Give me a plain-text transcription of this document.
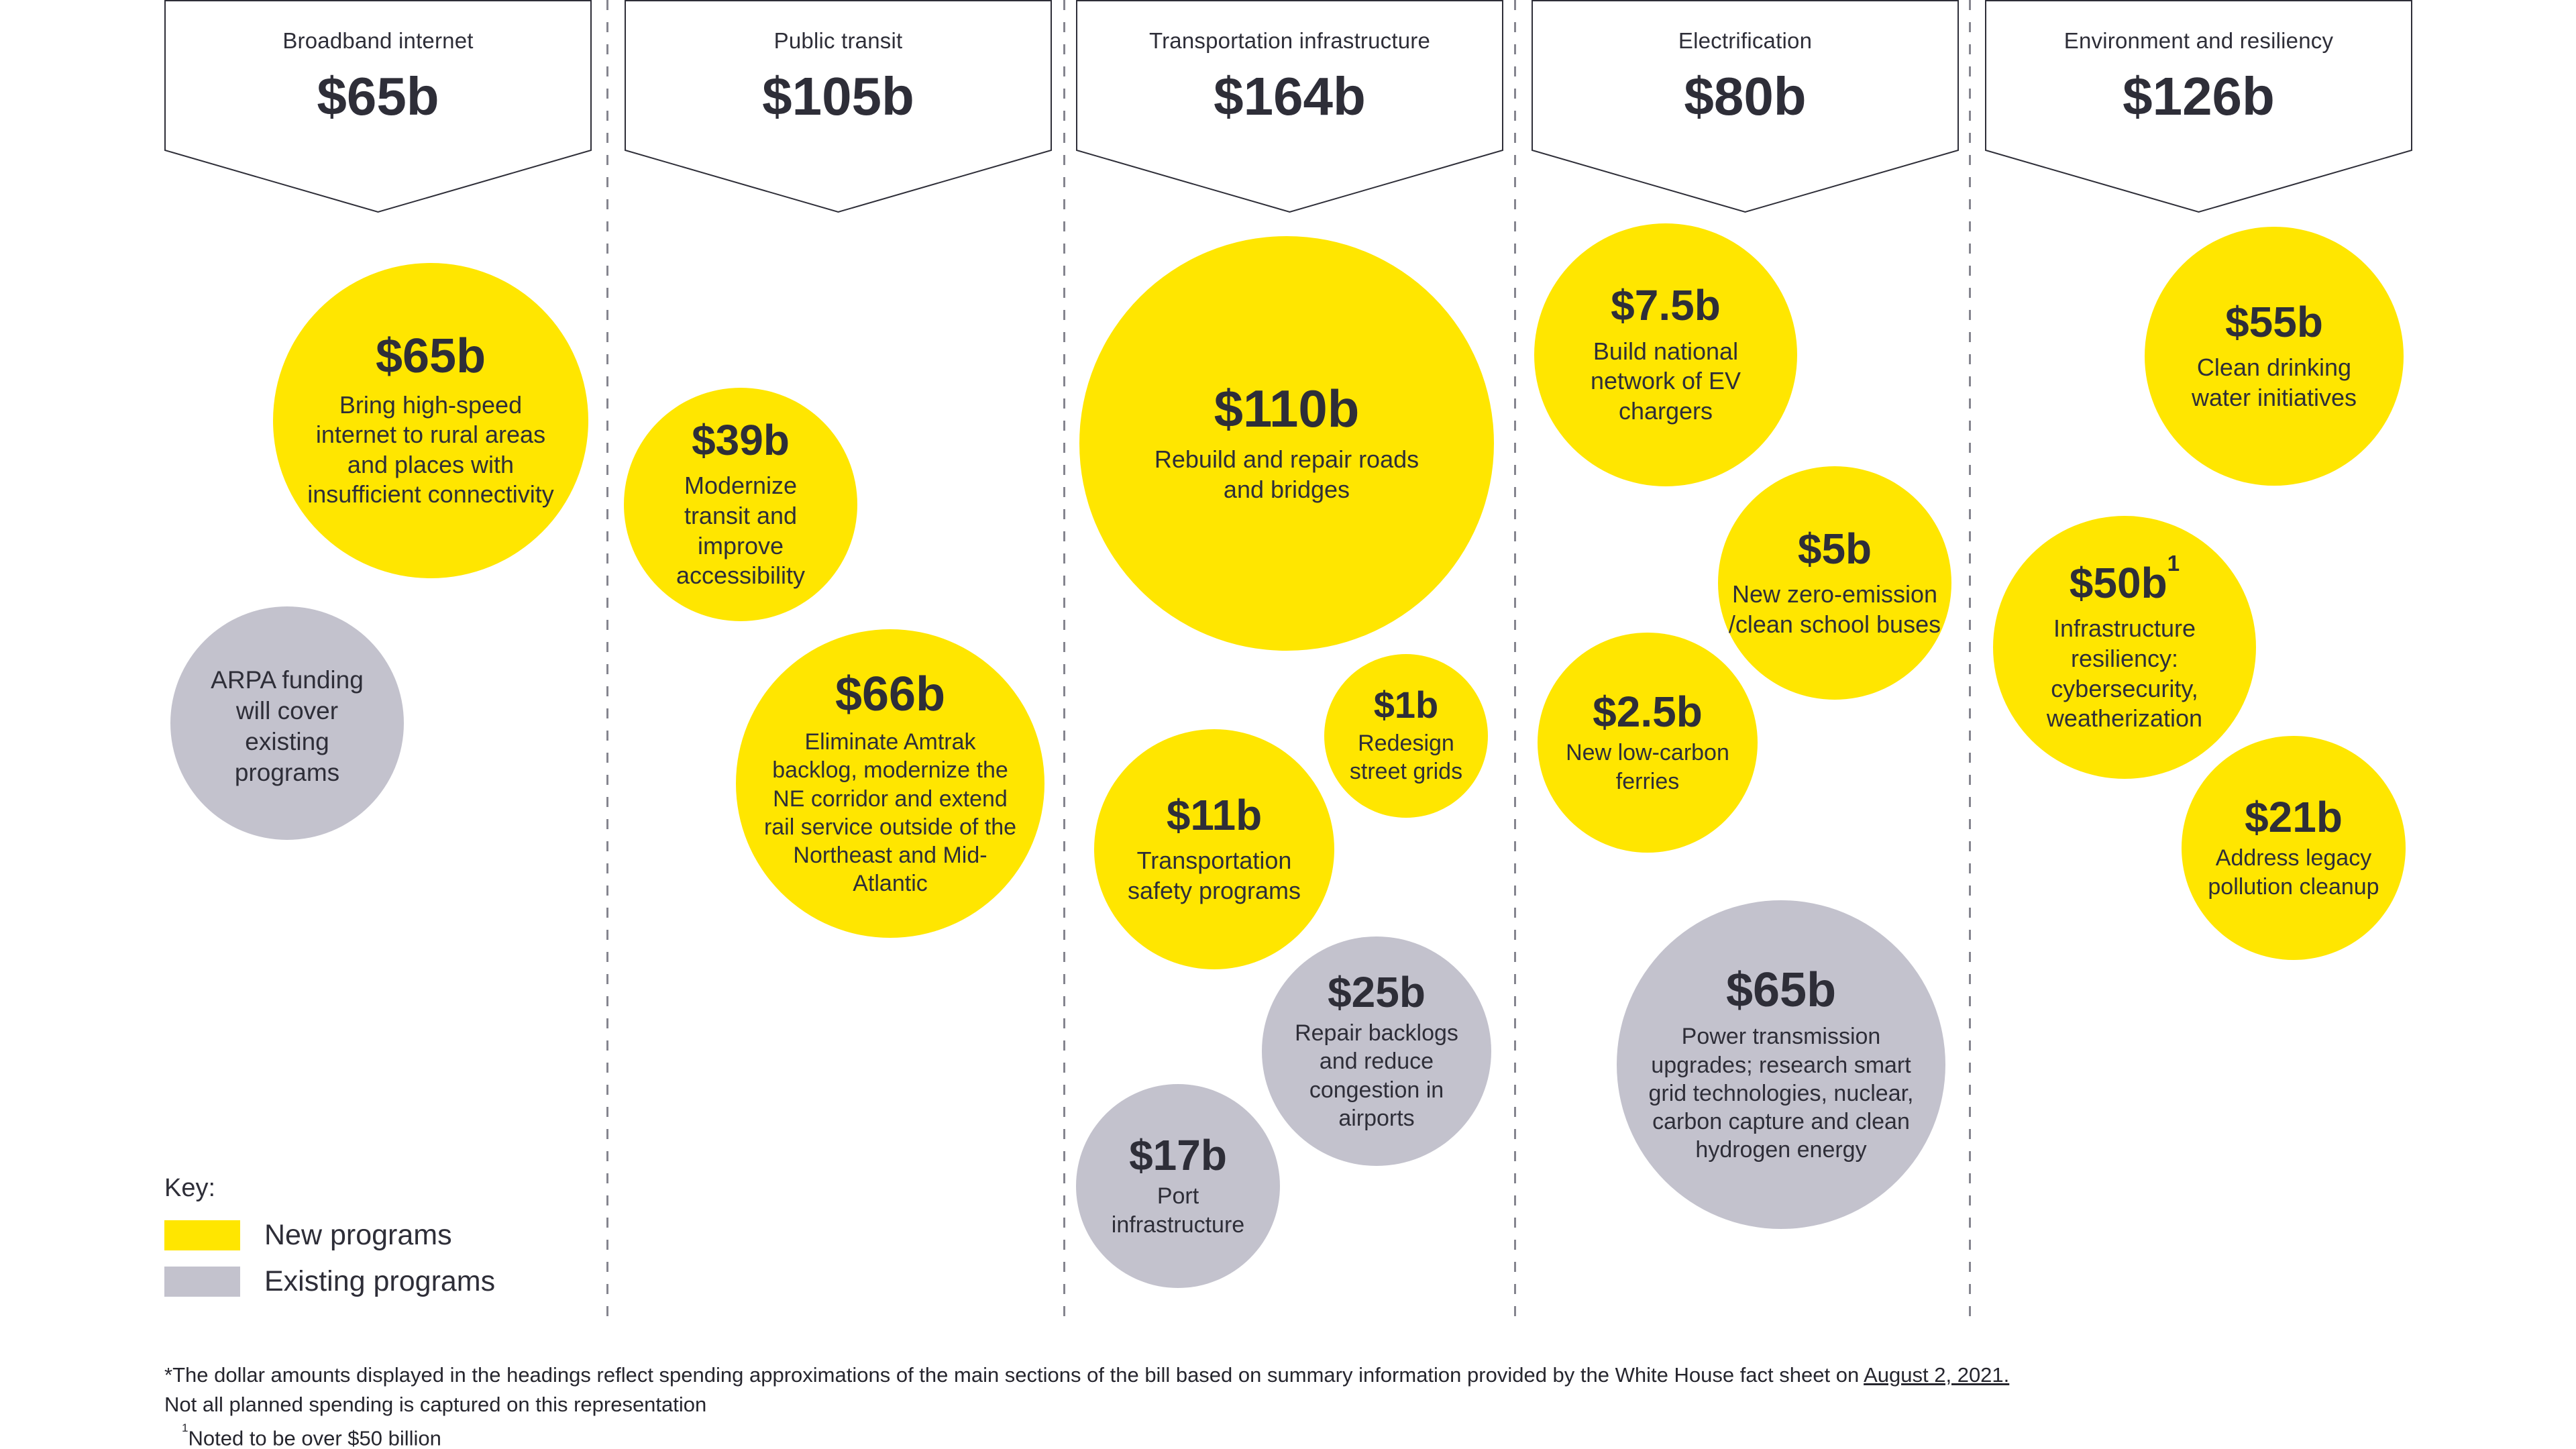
Broadband internet
$65b
Public transit
$105b
Transportation infrastructure
$164b
Electrification
$80b
Environment and resiliency
$126b
$65b
Bring high-speed internet to rural areas and places with insufficient connectivity
ARPA funding will cover existing programs
$39b
Modernize transit and improve accessibility
$66b
Eliminate Amtrak backlog, modernize the NE corridor and extend rail service outside of the Northeast and Mid-Atlantic
$110b
Rebuild and repair roads and bridges
$1b
Redesign street grids
$11b
Transportation safety programs
$25b
Repair backlogs and reduce congestion in airports
$17b
Port infrastructure
$7.5b
Build national network of EV chargers
$5b
New zero-emission /clean school buses
$2.5b
New low-carbon ferries
$65b
Power transmission upgrades; research smart grid technologies, nuclear, carbon capture and clean hydrogen energy
$55b
Clean drinking water initiatives
$\$50b^1$
Infrastructure resiliency: cybersecurity, weatherization
$21b
Address legacy pollution cleanup
Key:
New programs
Existing programs
*The dollar amounts displayed in the headings reflect spending approximations of the main sections of the bill based on summary information provided by the White House fact sheet on August 2, 2021.
Not all planned spending is captured on this representation
$^1$Noted to be over $50 billion
